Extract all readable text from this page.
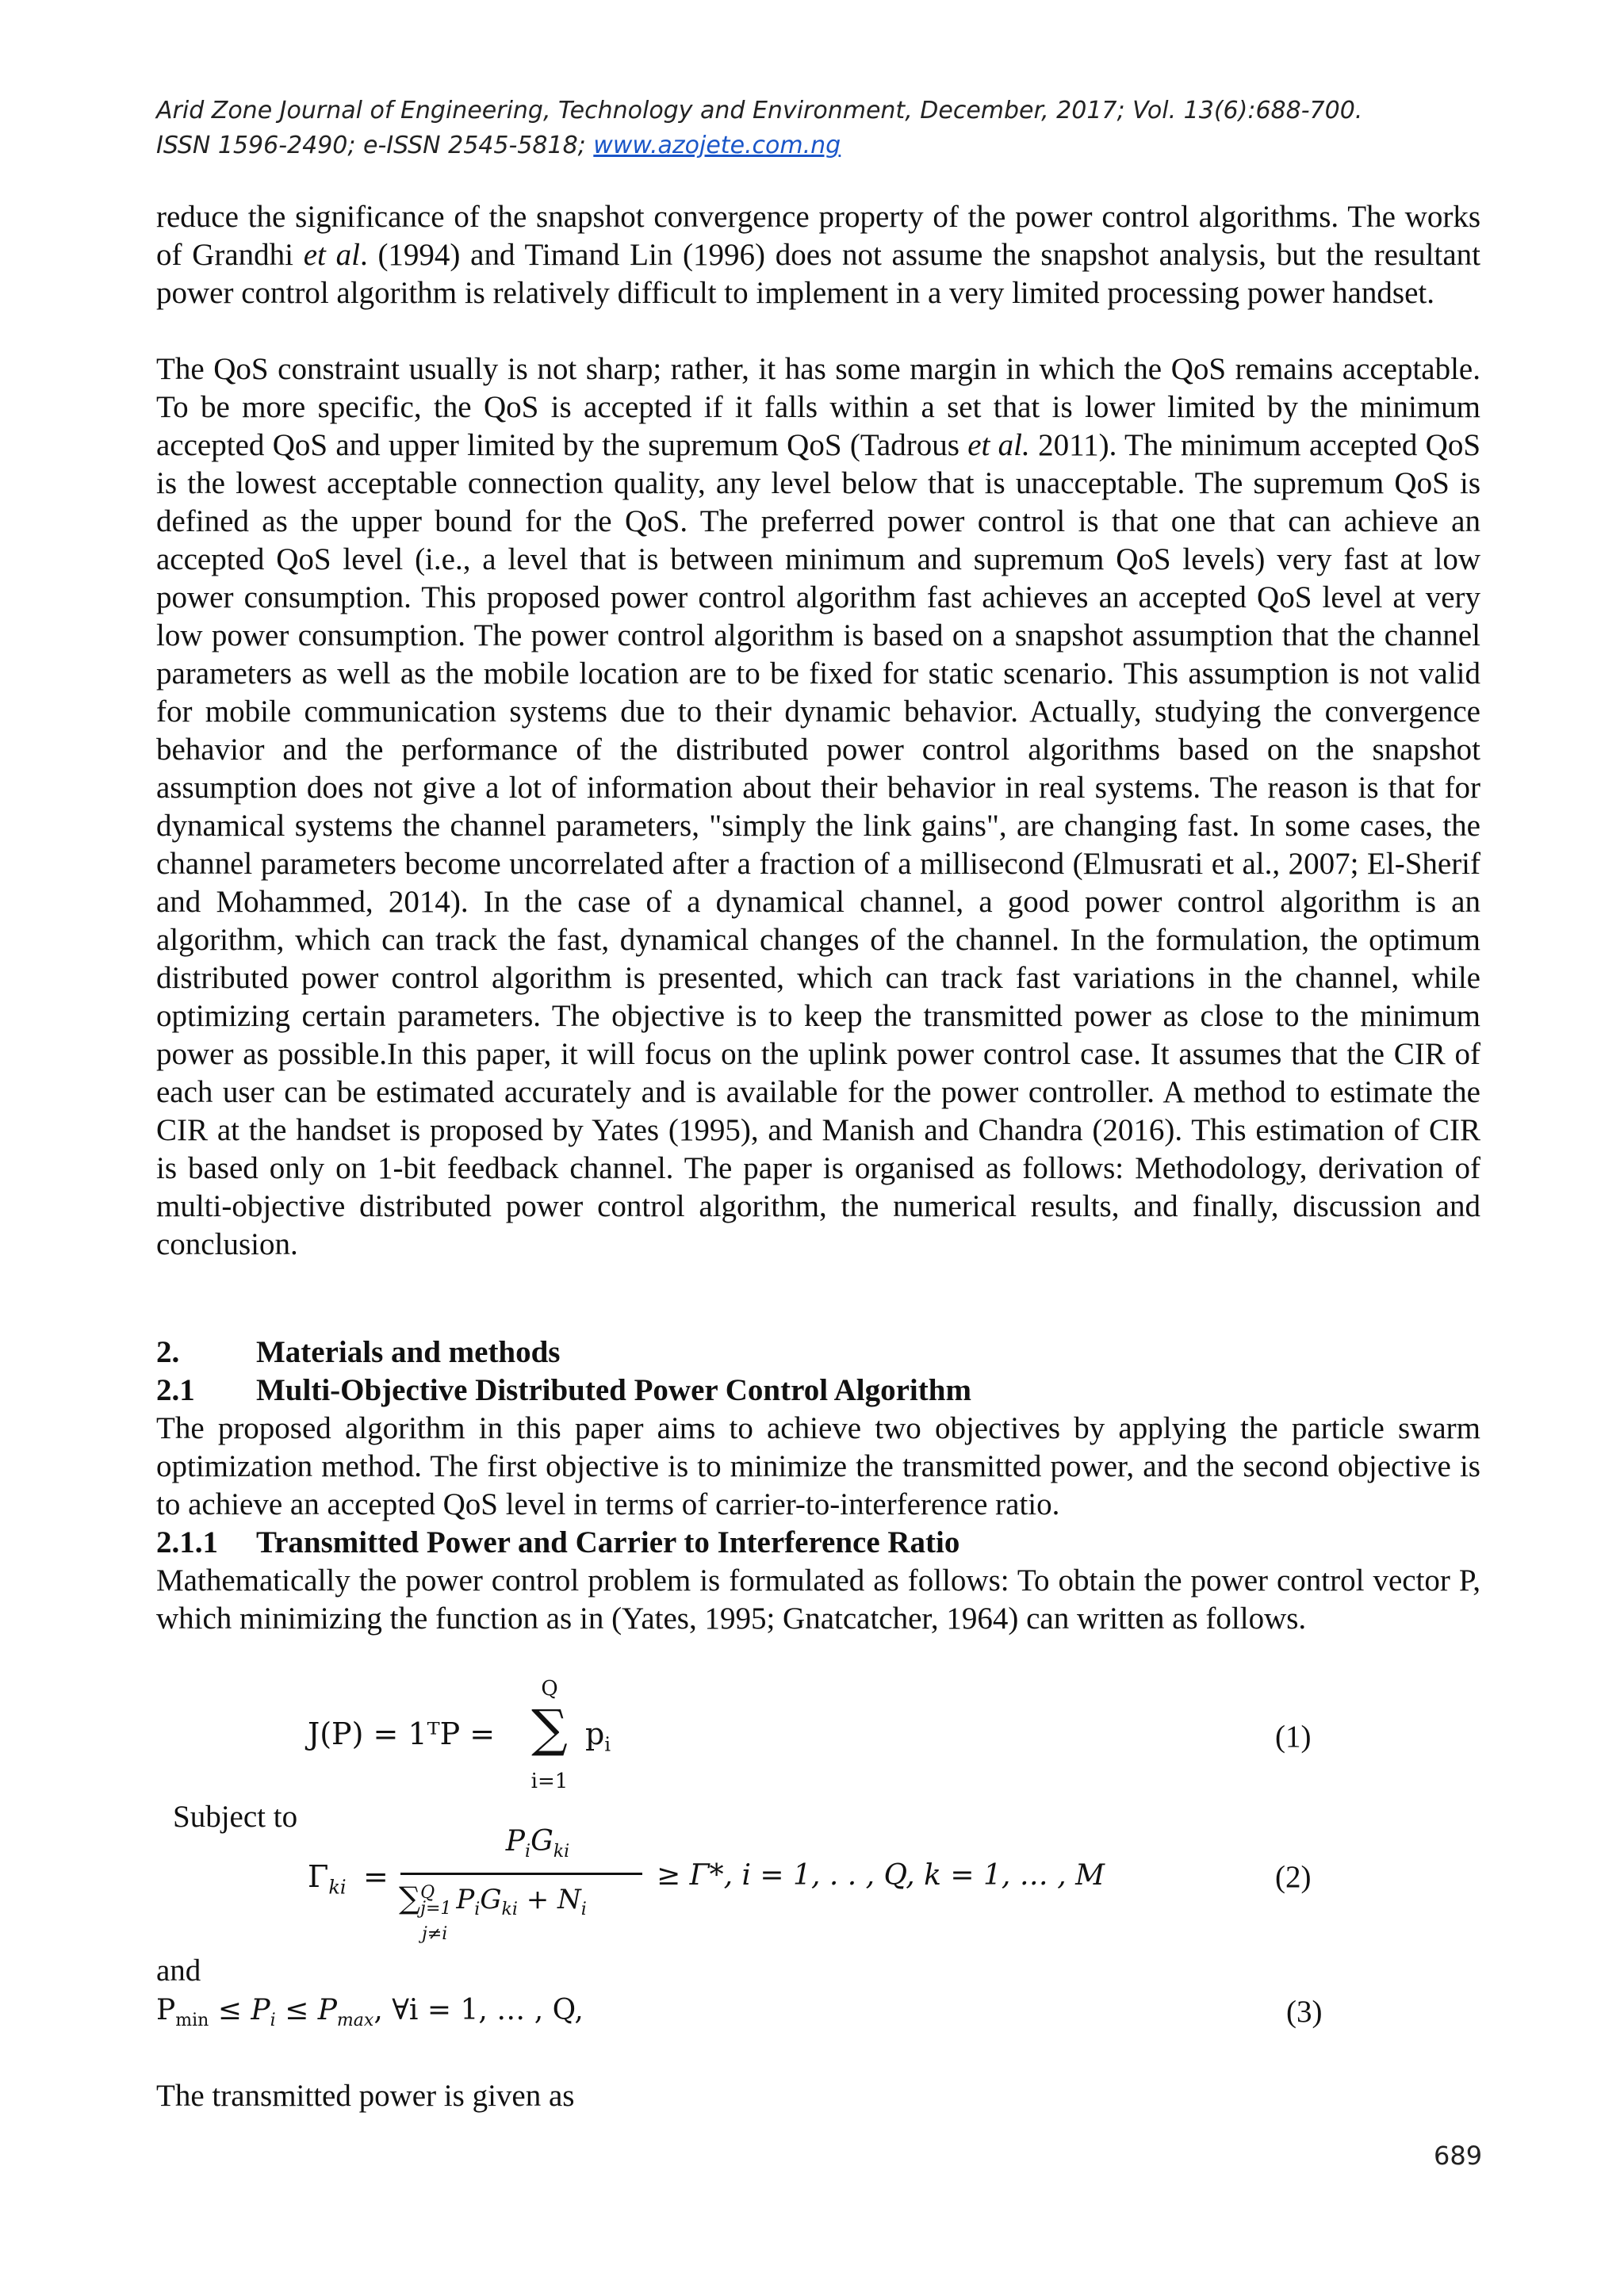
Arid Zone Journal of Engineering, Technology and Environment, December, 2017; Vol. 13(6):688-700.
ISSN 1596-2490; e-ISSN 2545-5818; www.azojete.com.ng

reduce the significance of the snapshot convergence property of the power control algorithms. The works of Grandhi et al. (1994) and Timand Lin (1996) does not assume the snapshot analysis, but the resultant power control algorithm is relatively difficult to implement in a very limited processing power handset.

The QoS constraint usually is not sharp; rather, it has some margin in which the QoS remains acceptable. To be more specific, the QoS is accepted if it falls within a set that is lower limited by the minimum accepted QoS and upper limited by the supremum QoS (Tadrous et al. 2011). The minimum accepted QoS is the lowest acceptable connection quality, any level below that is unacceptable. The supremum QoS is defined as the upper bound for the QoS. The preferred power control is that one that can achieve an accepted QoS level (i.e., a level that is between minimum and supremum QoS levels) very fast at low power consumption. This proposed power control algorithm fast achieves an accepted QoS level at very low power consumption. The power control algorithm is based on a snapshot assumption that the channel parameters as well as the mobile location are to be fixed for static scenario. This assumption is not valid for mobile communication systems due to their dynamic behavior. Actually, studying the convergence behavior and the performance of the distributed power control algorithms based on the snapshot assumption does not give a lot of information about their behavior in real systems. The reason is that for dynamical systems the channel parameters, "simply the link gains", are changing fast. In some cases, the channel parameters become uncorrelated after a fraction of a millisecond (Elmusrati et al., 2007; El-Sherif and Mohammed, 2014). In the case of a dynamical channel, a good power control algorithm is an algorithm, which can track the fast, dynamical changes of the channel. In the formulation, the optimum distributed power control algorithm is presented, which can track fast variations in the channel, while optimizing certain parameters. The objective is to keep the transmitted power as close to the minimum power as possible.In this paper, it will focus on the uplink power control case. It assumes that the CIR of each user can be estimated accurately and is available for the power controller. A method to estimate the CIR at the handset is proposed by Yates (1995), and Manish and Chandra (2016). This estimation of CIR is based only on 1-bit feedback channel. The paper is organised as follows: Methodology, derivation of multi-objective distributed power control algorithm, the numerical results, and finally, discussion and conclusion.

2. Materials and methods
2.1 Multi-Objective Distributed Power Control Algorithm

The proposed algorithm in this paper aims to achieve two objectives by applying the particle swarm optimization method. The first objective is to minimize the transmitted power, and the second objective is to achieve an accepted QoS level in terms of carrier-to-interference ratio.

2.1.1 Transmitted Power and Carrier to Interference Ratio

Mathematically the power control problem is formulated as follows: To obtain the power control vector P, which minimizing the function as in (Yates, 1995; Gnatcatcher, 1964) can written as follows.

J(P) = 1ᵀP =
Q
∑
i=1
$p_i$	(1)
Subject to
$\Gamma_{ki}$ =
$P_iG_{ki}$
∑ Q
j=1 $P_iG_{ki} + N_i$
j≠i
≥ Γ*, i = 1, . . , Q, k = 1, … , M	(2)
and
$P_{min} \le P_i \le P_{max}$, ∀i = 1, … , Q,	(3)
The transmitted power is given as
689
